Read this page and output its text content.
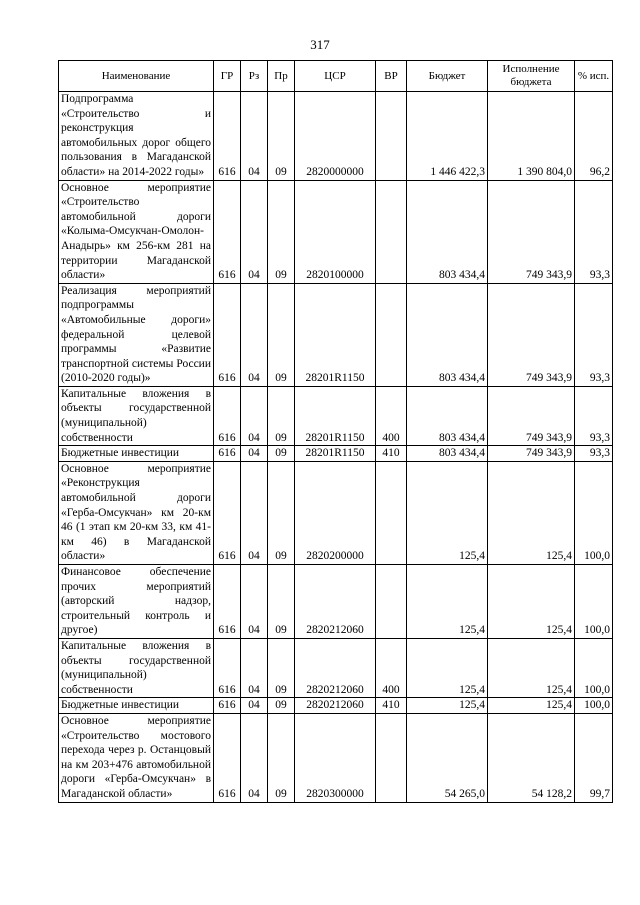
317
Наименование	ГР	Рз	Пр	ЦСР	ВР	Бюджет	Исполнение бюджета	% исп.
Подпрограмма «Строительство и реконструкция автомобильных дорог общего пользования в Магаданской области» на 2014-2022 годы»	616	04	09	2820000000		1 446 422,3	1 390 804,0	96,2
Основное мероприятие «Строительство автомобильной дороги «Колыма-Омсукчан-Омолон-Анадырь» км 256-км 281 на территории Магаданской области»	616	04	09	2820100000		803 434,4	749 343,9	93,3
Реализация мероприятий подпрограммы «Автомобильные дороги» федеральной целевой программы «Развитие транспортной системы России (2010-2020 годы)»	616	04	09	28201R1150		803 434,4	749 343,9	93,3
Капитальные вложения в объекты государственной (муниципальной) собственности	616	04	09	28201R1150	400	803 434,4	749 343,9	93,3
Бюджетные инвестиции	616	04	09	28201R1150	410	803 434,4	749 343,9	93,3
Основное мероприятие «Реконструкция автомобильной дороги «Герба-Омсукчан» км 20-км 46 (1 этап км 20-км 33, км 41-км 46) в Магаданской области»	616	04	09	2820200000		125,4	125,4	100,0
Финансовое обеспечение прочих мероприятий (авторский надзор, строительный контроль и другое)	616	04	09	2820212060		125,4	125,4	100,0
Капитальные вложения в объекты государственной (муниципальной) собственности	616	04	09	2820212060	400	125,4	125,4	100,0
Бюджетные инвестиции	616	04	09	2820212060	410	125,4	125,4	100,0
Основное мероприятие «Строительство мостового перехода через р. Останцовый на км 203+476 автомобильной дороги «Герба-Омсукчан» в Магаданской области»	616	04	09	2820300000		54 265,0	54 128,2	99,7
